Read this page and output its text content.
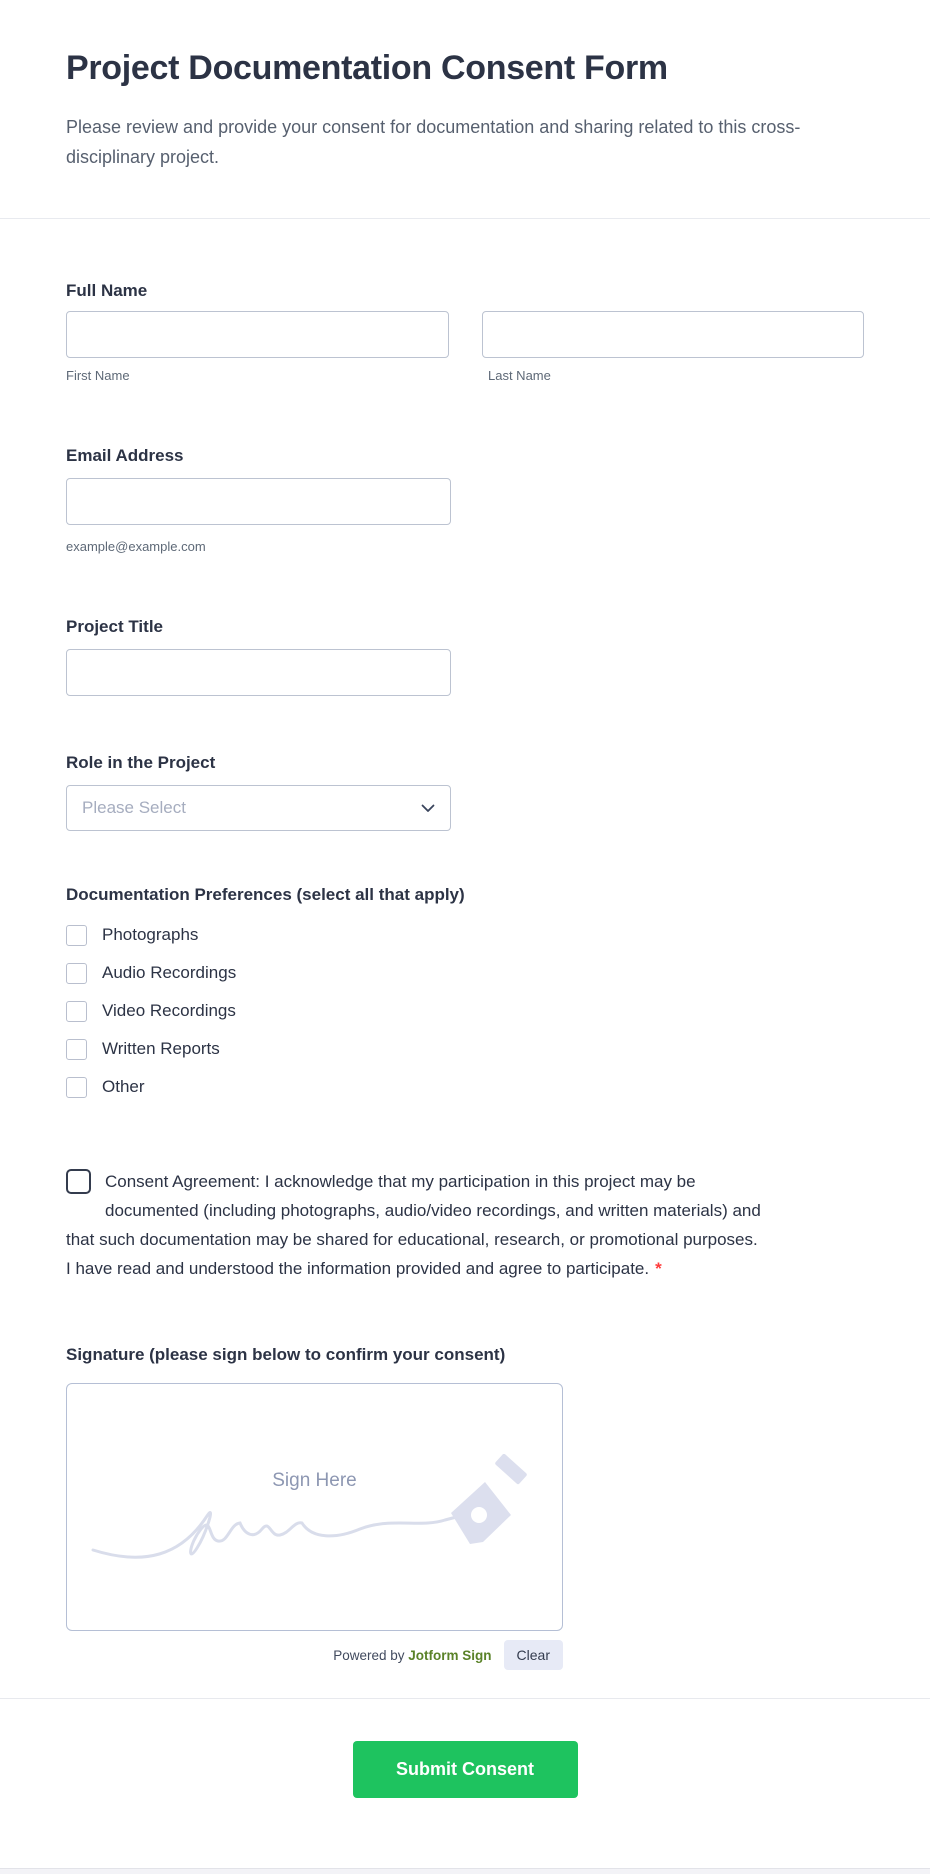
Project Documentation Consent Form

Please review and provide your consent for documentation and sharing related to this cross-disciplinary project.

Full Name
First Name	Last Name
Email Address
example@example.com
Project Title
Role in the Project
Please Select
Documentation Preferences (select all that apply)
Photographs
Audio Recordings
Video Recordings
Written Reports
Other
Consent Agreement: I acknowledge that my participation in this project may be documented (including photographs, audio/video recordings, and written materials) and that such documentation may be shared for educational, research, or promotional purposes. I have read and understood the information provided and agree to participate. *
Signature (please sign below to confirm your consent)
Sign Here
Powered by Jotform Sign	Clear
Submit Consent
